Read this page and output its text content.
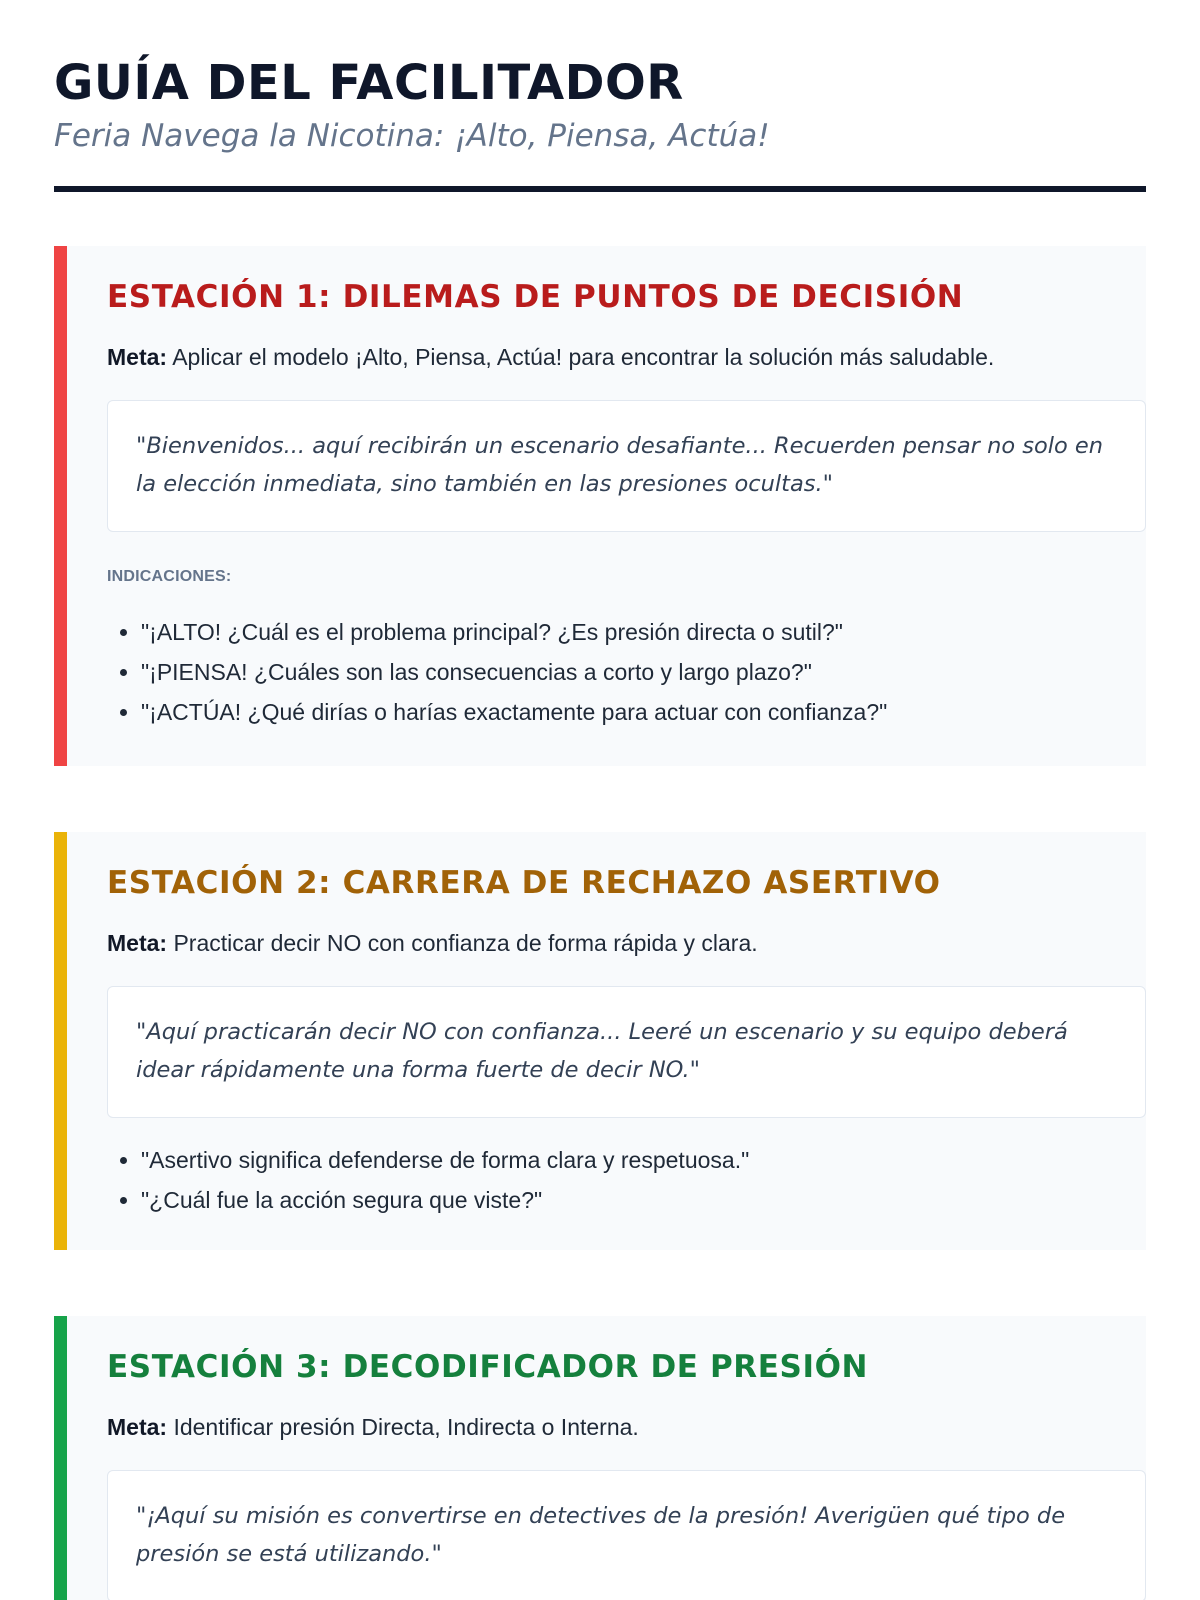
GUÍA DEL FACILITADOR
Feria Navega la Nicotina: ¡Alto, Piensa, Actúa!
ESTACIÓN 1: DILEMAS DE PUNTOS DE DECISIÓN

Meta: Aplicar el modelo ¡Alto, Piensa, Actúa! para encontrar la solución más saludable.

"Bienvenidos... aquí recibirán un escenario desafiante... Recuerden pensar no solo en la elección inmediata, sino también en las presiones ocultas."
INDICACIONES:
• "¡ALTO! ¿Cuál es el problema principal? ¿Es presión directa o sutil?"
• "¡PIENSA! ¿Cuáles son las consecuencias a corto y largo plazo?"
• "¡ACTÚA! ¿Qué dirías o harías exactamente para actuar con confianza?"
ESTACIÓN 2: CARRERA DE RECHAZO ASERTIVO

Meta: Practicar decir NO con confianza de forma rápida y clara.

"Aquí practicarán decir NO con confianza... Leeré un escenario y su equipo deberá idear rápidamente una forma fuerte de decir NO."
• "Asertivo significa defenderse de forma clara y respetuosa."
• "¿Cuál fue la acción segura que viste?"
ESTACIÓN 3: DECODIFICADOR DE PRESIÓN

Meta: Identificar presión Directa, Indirecta o Interna.

"¡Aquí su misión es convertirse en detectives de la presión! Averigüen qué tipo de presión se está utilizando."
